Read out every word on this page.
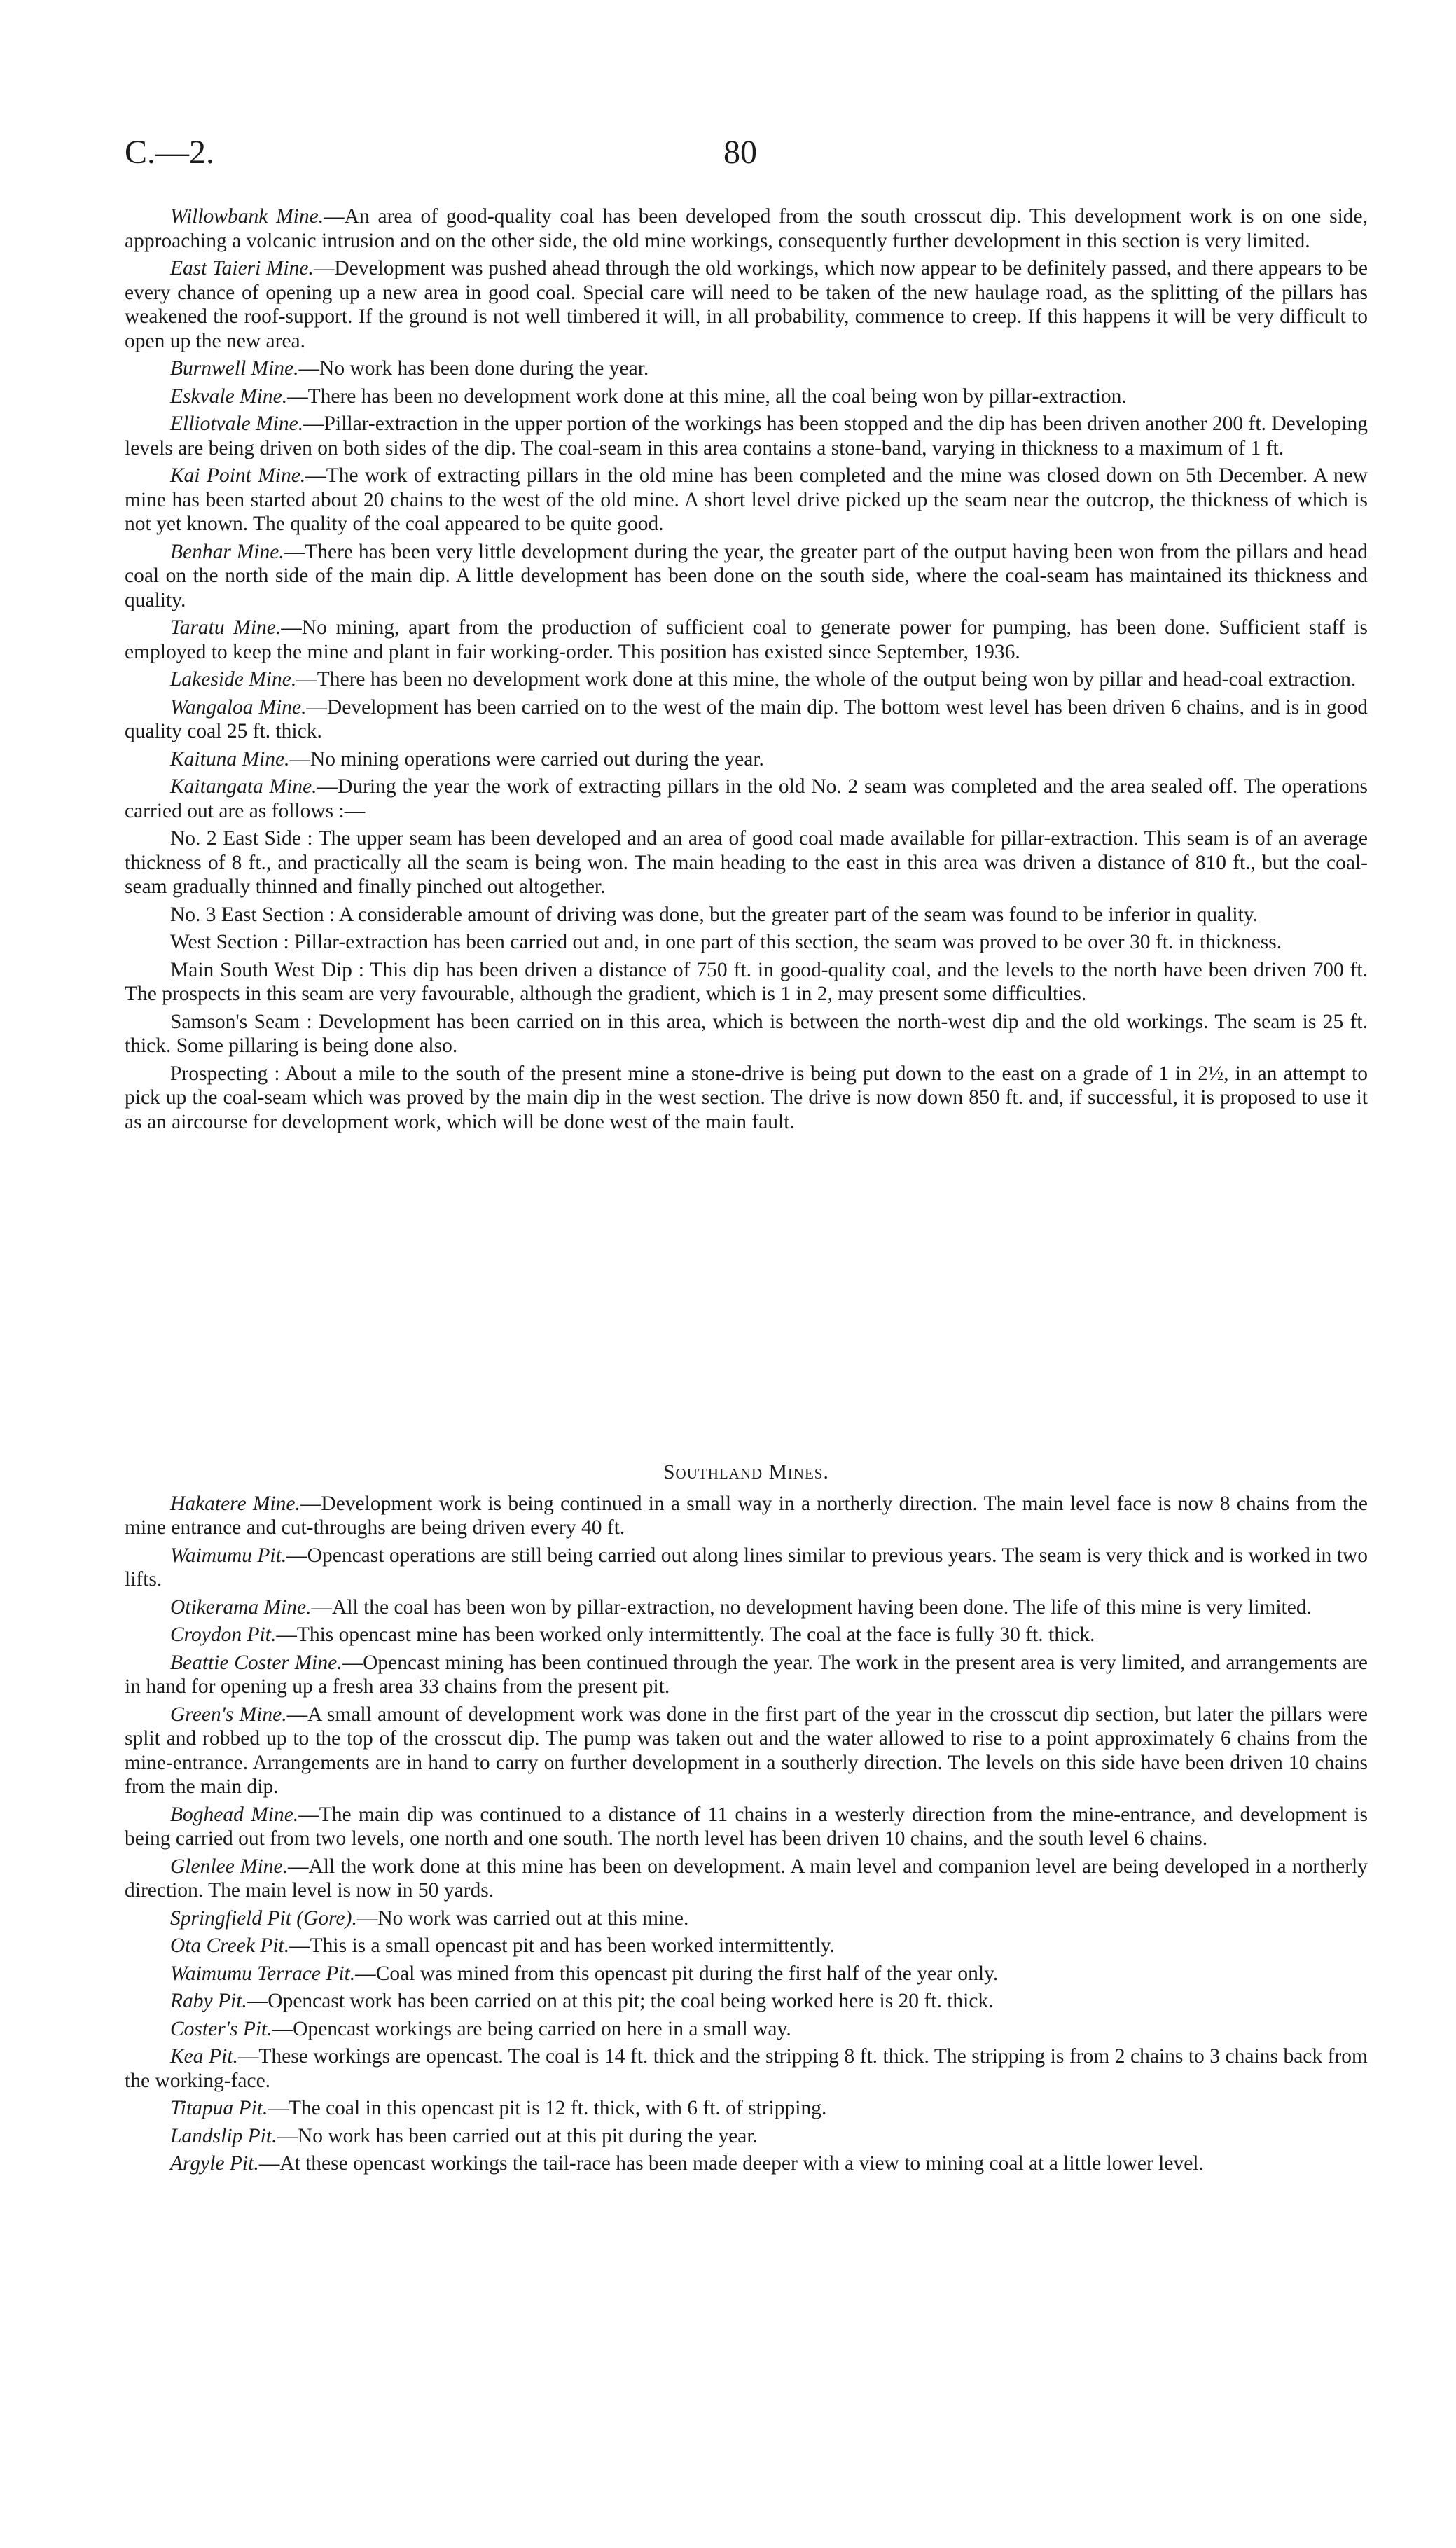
C.—2.	80

Willowbank Mine.—An area of good-quality coal has been developed from the south crosscut dip. This development work is on one side, approaching a volcanic intrusion and on the other side, the old mine workings, consequently further development in this section is very limited.

East Taieri Mine.—Development was pushed ahead through the old workings, which now appear to be definitely passed, and there appears to be every chance of opening up a new area in good coal. Special care will need to be taken of the new haulage road, as the splitting of the pillars has weakened the roof-support. If the ground is not well timbered it will, in all probability, commence to creep. If this happens it will be very difficult to open up the new area.

Burnwell Mine.—No work has been done during the year.

Eskvale Mine.—There has been no development work done at this mine, all the coal being won by pillar-extraction.

Elliotvale Mine.—Pillar-extraction in the upper portion of the workings has been stopped and the dip has been driven another 200 ft. Developing levels are being driven on both sides of the dip. The coal-seam in this area contains a stone-band, varying in thickness to a maximum of 1 ft.

Kai Point Mine.—The work of extracting pillars in the old mine has been completed and the mine was closed down on 5th December. A new mine has been started about 20 chains to the west of the old mine. A short level drive picked up the seam near the outcrop, the thickness of which is not yet known. The quality of the coal appeared to be quite good.

Benhar Mine.—There has been very little development during the year, the greater part of the output having been won from the pillars and head coal on the north side of the main dip. A little development has been done on the south side, where the coal-seam has maintained its thickness and quality.

Taratu Mine.—No mining, apart from the production of sufficient coal to generate power for pumping, has been done. Sufficient staff is employed to keep the mine and plant in fair working-order. This position has existed since September, 1936.

Lakeside Mine.—There has been no development work done at this mine, the whole of the output being won by pillar and head-coal extraction.

Wangaloa Mine.—Development has been carried on to the west of the main dip. The bottom west level has been driven 6 chains, and is in good quality coal 25 ft. thick.

Kaituna Mine.—No mining operations were carried out during the year.

Kaitangata Mine.—During the year the work of extracting pillars in the old No. 2 seam was completed and the area sealed off. The operations carried out are as follows :—

No. 2 East Side : The upper seam has been developed and an area of good coal made available for pillar-extraction. This seam is of an average thickness of 8 ft., and practically all the seam is being won. The main heading to the east in this area was driven a distance of 810 ft., but the coal-seam gradually thinned and finally pinched out altogether.

No. 3 East Section : A considerable amount of driving was done, but the greater part of the seam was found to be inferior in quality.

West Section : Pillar-extraction has been carried out and, in one part of this section, the seam was proved to be over 30 ft. in thickness.

Main South West Dip : This dip has been driven a distance of 750 ft. in good-quality coal, and the levels to the north have been driven 700 ft. The prospects in this seam are very favourable, although the gradient, which is 1 in 2, may present some difficulties.

Samson's Seam : Development has been carried on in this area, which is between the north-west dip and the old workings. The seam is 25 ft. thick. Some pillaring is being done also.

Prospecting : About a mile to the south of the present mine a stone-drive is being put down to the east on a grade of 1 in 2½, in an attempt to pick up the coal-seam which was proved by the main dip in the west section. The drive is now down 850 ft. and, if successful, it is proposed to use it as an aircourse for development work, which will be done west of the main fault.

Southland Mines.

Hakatere Mine.—Development work is being continued in a small way in a northerly direction. The main level face is now 8 chains from the mine entrance and cut-throughs are being driven every 40 ft.

Waimumu Pit.—Opencast operations are still being carried out along lines similar to previous years. The seam is very thick and is worked in two lifts.

Otikerama Mine.—All the coal has been won by pillar-extraction, no development having been done. The life of this mine is very limited.

Croydon Pit.—This opencast mine has been worked only intermittently. The coal at the face is fully 30 ft. thick.

Beattie Coster Mine.—Opencast mining has been continued through the year. The work in the present area is very limited, and arrangements are in hand for opening up a fresh area 33 chains from the present pit.

Green's Mine.—A small amount of development work was done in the first part of the year in the crosscut dip section, but later the pillars were split and robbed up to the top of the crosscut dip. The pump was taken out and the water allowed to rise to a point approximately 6 chains from the mine-entrance. Arrangements are in hand to carry on further development in a southerly direction. The levels on this side have been driven 10 chains from the main dip.

Boghead Mine.—The main dip was continued to a distance of 11 chains in a westerly direction from the mine-entrance, and development is being carried out from two levels, one north and one south. The north level has been driven 10 chains, and the south level 6 chains.

Glenlee Mine.—All the work done at this mine has been on development. A main level and companion level are being developed in a northerly direction. The main level is now in 50 yards.

Springfield Pit (Gore).—No work was carried out at this mine.

Ota Creek Pit.—This is a small opencast pit and has been worked intermittently.

Waimumu Terrace Pit.—Coal was mined from this opencast pit during the first half of the year only.

Raby Pit.—Opencast work has been carried on at this pit; the coal being worked here is 20 ft. thick.

Coster's Pit.—Opencast workings are being carried on here in a small way.

Kea Pit.—These workings are opencast. The coal is 14 ft. thick and the stripping 8 ft. thick. The stripping is from 2 chains to 3 chains back from the working-face.

Titapua Pit.—The coal in this opencast pit is 12 ft. thick, with 6 ft. of stripping.

Landslip Pit.—No work has been carried out at this pit during the year.

Argyle Pit.—At these opencast workings the tail-race has been made deeper with a view to mining coal at a little lower level.
